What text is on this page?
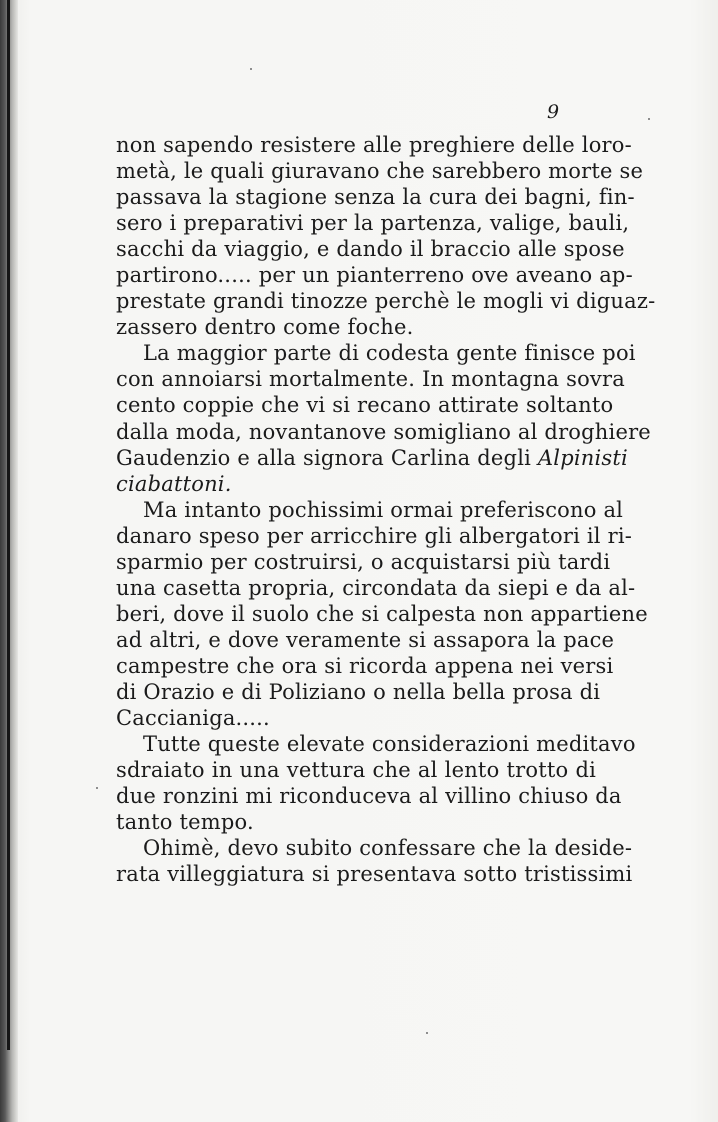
9
non sapendo resistere alle preghiere delle loro-
metà, le quali giuravano che sarebbero morte se
passava la stagione senza la cura dei bagni, fin-
sero i preparativi per la partenza, valige, bauli,
sacchi da viaggio, e dando il braccio alle spose
partirono..... per un pianterreno ove aveano ap-
prestate grandi tinozze perchè le mogli vi diguaz-
zassero dentro come foche.
La maggior parte di codesta gente finisce poi
con annoiarsi mortalmente. In montagna sovra
cento coppie che vi si recano attirate soltanto
dalla moda, novantanove somigliano al droghiere
Gaudenzio e alla signora Carlina degli Alpinisti
ciabattoni.
Ma intanto pochissimi ormai preferiscono al
danaro speso per arricchire gli albergatori il ri-
sparmio per costruirsi, o acquistarsi più tardi
una casetta propria, circondata da siepi e da al-
beri, dove il suolo che si calpesta non appartiene
ad altri, e dove veramente si assapora la pace
campestre che ora si ricorda appena nei versi
di Orazio e di Poliziano o nella bella prosa di
Caccianiga.....
Tutte queste elevate considerazioni meditavo
sdraiato in una vettura che al lento trotto di
due ronzini mi riconduceva al villino chiuso da
tanto tempo.
Ohimè, devo subito confessare che la deside-
rata villeggiatura si presentava sotto tristissimi
